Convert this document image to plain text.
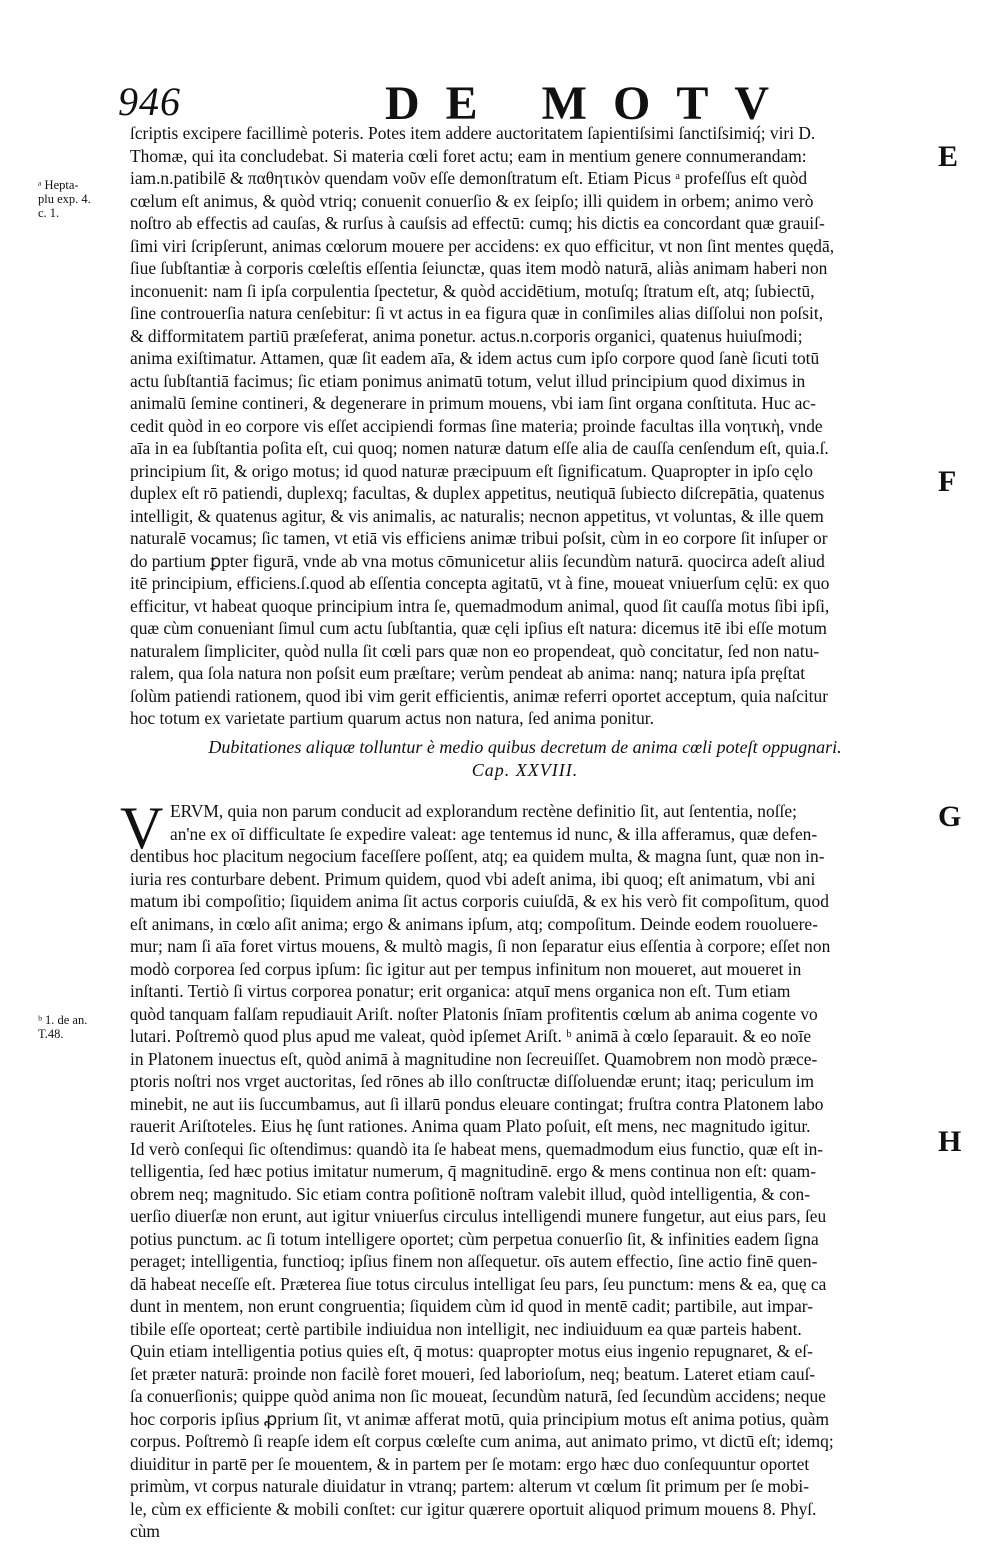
946	DE MOTV
E
F
G
H
ᵃ Hepta-
plu exp. 4.
c. 1.
ᵇ 1. de an.
T.48.
ſcriptis excipere facillimè poteris. Potes item addere auctoritatem ſapientiſsimi ſanctiſsimiq́; viri D.
Thomæ, qui ita concludebat. Si materia cœli foret actu; eam in mentium genere connumerandam:
iam.n.patibilē & παθητικὸν quendam νοῦν eſſe demonſtratum eſt. Etiam Picus ᵃ profeſſus eſt quòd
cœlum eſt animus, & quòd vtriq; conuenit conuerſio & ex ſeipſo; illi quidem in orbem; animo verò
noſtro ab effectis ad cauſas, & rurſus à cauſsis ad effectū: cumq; his dictis ea concordant quæ grauiſ-
ſimi viri ſcripſerunt, animas cœlorum mouere per accidens: ex quo efficitur, vt non ſint mentes quędā,
ſiue ſubſtantiæ à corporis cœleſtis eſſentia ſeiunctæ, quas item modò naturā, aliàs animam haberi non
inconuenit: nam ſi ipſa corpulentia ſpectetur, & quòd accidētium, motuſq; ſtratum eſt, atq; ſubiectū,
ſine controuerſia natura cenſebitur: ſi vt actus in ea figura quæ in conſimiles alias diſſolui non poſsit,
& difformitatem partiū præſeferat, anima ponetur. actus.n.corporis organici, quatenus huiuſmodi;
anima exiſtimatur. Attamen, quæ ſit eadem aīa, & idem actus cum ipſo corpore quod ſanè ſicuti totū
actu ſubſtantiā facimus; ſic etiam ponimus animatū totum, velut illud principium quod diximus in
animalū ſemine contineri, & degenerare in primum mouens, vbi iam ſint organa conſtituta. Huc ac-
cedit quòd in eo corpore vis eſſet accipiendi formas ſine materia; proinde facultas illa νοητικὴ, vnde
aīa in ea ſubſtantia poſita eſt, cui quoq; nomen naturæ datum eſſe alia de cauſſa cenſendum eſt, quia.ſ.
principium ſit, & origo motus; id quod naturæ præcipuum eſt ſignificatum. Quapropter in ipſo cęlo
duplex eſt rō patiendi, duplexq; facultas, & duplex appetitus, neutiquā ſubiecto diſcrepātia, quatenus
intelligit, & quatenus agitur, & vis animalis, ac naturalis; necnon appetitus, vt voluntas, & ille quem
naturalē vocamus; ſic tamen, vt etiā vis efficiens animæ tribui poſsit, cùm in eo corpore ſit inſuper or
do partium ꝑpter figurā, vnde ab vna motus cōmunicetur aliis ſecundùm naturā. quocirca adeſt aliud
itē principium, efficiens.ſ.quod ab eſſentia concepta agitatū, vt à fine, moueat vniuerſum cęlū: ex quo
efficitur, vt habeat quoque principium intra ſe, quemadmodum animal, quod ſit cauſſa motus ſibi ipſi,
quæ cùm conueniant ſimul cum actu ſubſtantia, quæ cęli ipſius eſt natura: dicemus itē ibi eſſe motum
naturalem ſimpliciter, quòd nulla ſit cœli pars quæ non eo propendeat, quò concitatur, ſed non natu-
ralem, qua ſola natura non poſsit eum præſtare; verùm pendeat ab anima: nanq; natura ipſa pręſtat
ſolùm patiendi rationem, quod ibi vim gerit efficientis, animæ referri oportet acceptum, quia naſcitur
hoc totum ex varietate partium quarum actus non natura, ſed anima ponitur.
Dubitationes aliquæ tolluntur è medio quibus decretum de anima cœli poteſt oppugnari.
Cap. XXVIII.
V ERVM, quia non parum conducit ad explorandum rectène definitio ſit, aut ſententia, noſſe;
an'ne ex oī difficultate ſe expedire valeat: age tentemus id nunc, & illa afferamus, quæ defen-
dentibus hoc placitum negocium faceſſere poſſent, atq; ea quidem multa, & magna ſunt, quæ non in-
iuria res conturbare debent. Primum quidem, quod vbi adeſt anima, ibi quoq; eſt animatum, vbi ani
matum ibi compoſitio; ſiquidem anima ſit actus corporis cuiuſdā, & ex his verò fit compoſitum, quod
eſt animans, in cœlo aſit anima; ergo & animans ipſum, atq; compoſitum. Deinde eodem rouoluere-
mur; nam ſi aīa foret virtus mouens, & multò magis, ſi non ſeparatur eius eſſentia à corpore; eſſet non
modò corporea ſed corpus ipſum: ſic igitur aut per tempus infinitum non moueret, aut moueret in
inſtanti. Tertiò ſi virtus corporea ponatur; erit organica: atquī mens organica non eſt. Tum etiam
quòd tanquam falſam repudiauit Ariſt. noſter Platonis ſnīam profitentis cœlum ab anima cogente vo
lutari. Poſtremò quod plus apud me valeat, quòd ipſemet Ariſt. ᵇ animā à cœlo ſeparauit. & eo noīe
in Platonem inuectus eſt, quòd animā à magnitudine non ſecreuiſſet. Quamobrem non modò præce-
ptoris noſtri nos vrget auctoritas, ſed rōnes ab illo conſtructæ diſſoluendæ erunt; itaq; periculum im
minebit, ne aut iis ſuccumbamus, aut ſi illarū pondus eleuare contingat; fruſtra contra Platonem labo
rauerit Ariſtoteles. Eius hę ſunt rationes. Anima quam Plato poſuit, eſt mens, nec magnitudo igitur.
Id verò conſequi ſic oſtendimus: quandò ita ſe habeat mens, quemadmodum eius functio, quæ eſt in-
telligentia, ſed hæc potius imitatur numerum, q̄ magnitudinē. ergo & mens continua non eſt: quam-
obrem neq; magnitudo. Sic etiam contra poſitionē noſtram valebit illud, quòd intelligentia, & con-
uerſio diuerſæ non erunt, aut igitur vniuerſus circulus intelligendi munere fungetur, aut eius pars, ſeu
potius punctum. ac ſi totum intelligere oportet; cùm perpetua conuerſio ſit, & infinities eadem ſigna
peraget; intelligentia, functioq; ipſius finem non aſſequetur. oīs autem effectio, ſine actio finē quen-
dā habeat neceſſe eſt. Præterea ſiue totus circulus intelligat ſeu pars, ſeu punctum: mens & ea, quę ca
dunt in mentem, non erunt congruentia; ſiquidem cùm id quod in mentē cadit; partibile, aut impar-
tibile eſſe oporteat; certè partibile indiuidua non intelligit, nec indiuiduum ea quæ parteis habent.
Quin etiam intelligentia potius quies eſt, q̄ motus: quapropter motus eius ingenio repugnaret, & eſ-
ſet præter naturā: proinde non facilè foret moueri, ſed laborioſum, neq; beatum. Lateret etiam cauſ-
ſa conuerſionis; quippe quòd anima non ſic moueat, ſecundùm naturā, ſed ſecundùm accidens; neque
hoc corporis ipſius ꝓprium ſit, vt animæ afferat motū, quia principium motus eſt anima potius, quàm
corpus. Poſtremò ſi reapſe idem eſt corpus cœleſte cum anima, aut animato primo, vt dictū eſt; idemq;
diuiditur in partē per ſe mouentem, & in partem per ſe motam: ergo hæc duo conſequuntur oportet
primùm, vt corpus naturale diuidatur in vtranq; partem: alterum vt cœlum ſit primum per ſe mobi-
le, cùm ex efficiente & mobili conſtet: cur igitur quærere oportuit aliquod primum mouens 8. Phyſ.
cùm
